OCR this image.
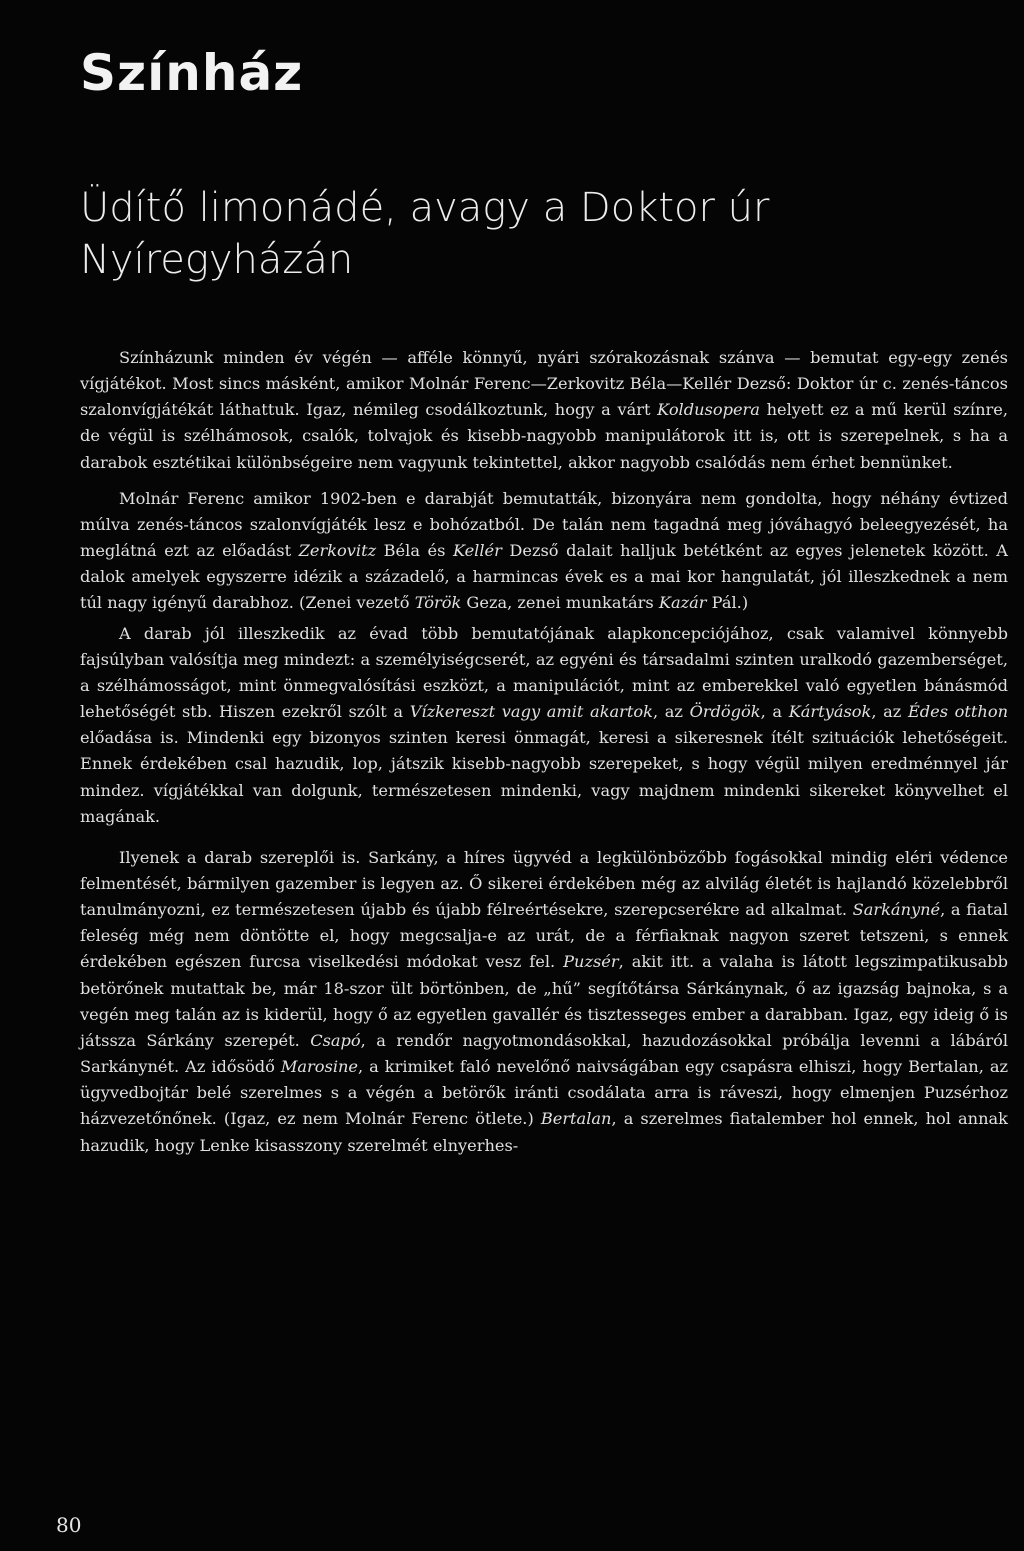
Színház
Üdítő limonádé, avagy a Doktor úr Nyíregyházán

Színházunk minden év végén — afféle könnyű, nyári szórakozásnak szánva — bemutat egy-egy zenés vígjátékot. Most sincs másként, amikor Molnár Ferenc—Zerkovitz Béla—Kellér Dezső: Doktor úr c. zenés-táncos szalonvígjátékát láthattuk. Igaz, némileg csodálkoztunk, hogy a várt Koldusopera helyett ez a mű kerül színre, de végül is szélhámosok, csalók, tolvajok és kisebb-nagyobb manipulátorok itt is, ott is szerepelnek, s ha a darabok esztétikai különbségeire nem vagyunk tekintettel, akkor nagyobb csalódás nem érhet bennünket.

Molnár Ferenc amikor 1902-ben e darabját bemutatták, bizonyára nem gondolta, hogy néhány évtized múlva zenés-táncos szalonvígjáték lesz e bohózatból. De talán nem tagadná meg jóváhagyó beleegyezését, ha meglátná ezt az előadást Zerkovitz Béla és Kellér Dezső dalait halljuk betétként az egyes jelenetek között. A dalok amelyek egyszerre idézik a századelő, a harmincas évek es a mai kor hangulatát, jól illeszkednek a nem túl nagy igényű darabhoz. (Zenei vezető Török Geza, zenei munkatárs Kazár Pál.)

A darab jól illeszkedik az évad több bemutatójának alapkoncepciójához, csak valamivel könnyebb fajsúlyban valósítja meg mindezt: a személyiségcserét, az egyéni és társadalmi szinten uralkodó gazemberséget, a szélhámosságot, mint önmegvalósítási eszközt, a manipulációt, mint az emberekkel való egyetlen bánásmód lehetőségét stb. Hiszen ezekről szólt a Vízkereszt vagy amit akartok, az Ördögök, a Kártyások, az Édes otthon előadása is. Mindenki egy bizonyos szinten keresi önmagát, keresi a sikeresnek ítélt szituációk lehetőségeit. Ennek érdekében csal hazudik, lop, játszik kisebb-nagyobb szerepeket, s hogy végül milyen eredménnyel jár mindez. vígjátékkal van dolgunk, természetesen mindenki, vagy majdnem mindenki sikereket könyvelhet el magának.

Ilyenek a darab szereplői is. Sarkány, a híres ügyvéd a legkülönbözőbb fogásokkal mindig eléri védence felmentését, bármilyen gazember is legyen az. Ő sikerei érdekében még az alvilág életét is hajlandó közelebbről tanulmányozni, ez természetesen újabb és újabb félreértésekre, szerepcserékre ad alkalmat. Sarkányné, a fiatal feleség még nem döntötte el, hogy megcsalja-e az urát, de a férfiaknak nagyon szeret tetszeni, s ennek érdekében egészen furcsa viselkedési módokat vesz fel. Puzsér, akit itt. a valaha is látott legszimpatikusabb betörőnek mutattak be, már 18-szor ült börtönben, de „hű” segítőtársa Sárkánynak, ő az igazság bajnoka, s a vegén meg talán az is kiderül, hogy ő az egyetlen gavallér és tisztesseges ember a darabban. Igaz, egy ideig ő is játssza Sárkány szerepét. Csapó, a rendőr nagyotmondásokkal, hazudozásokkal próbálja levenni a lábáról Sarkánynét. Az idősödő Marosine, a krimiket faló nevelőnő naivságában egy csapásra elhiszi, hogy Bertalan, az ügyvedbojtár belé szerelmes s a végén a betörők iránti csodálata arra is ráveszi, hogy elmenjen Puzsérhoz házvezetőnőnek. (Igaz, ez nem Molnár Ferenc ötlete.) Bertalan, a szerelmes fiatalember hol ennek, hol annak hazudik, hogy Lenke kisasszony szerelmét elnyerhes-

80
